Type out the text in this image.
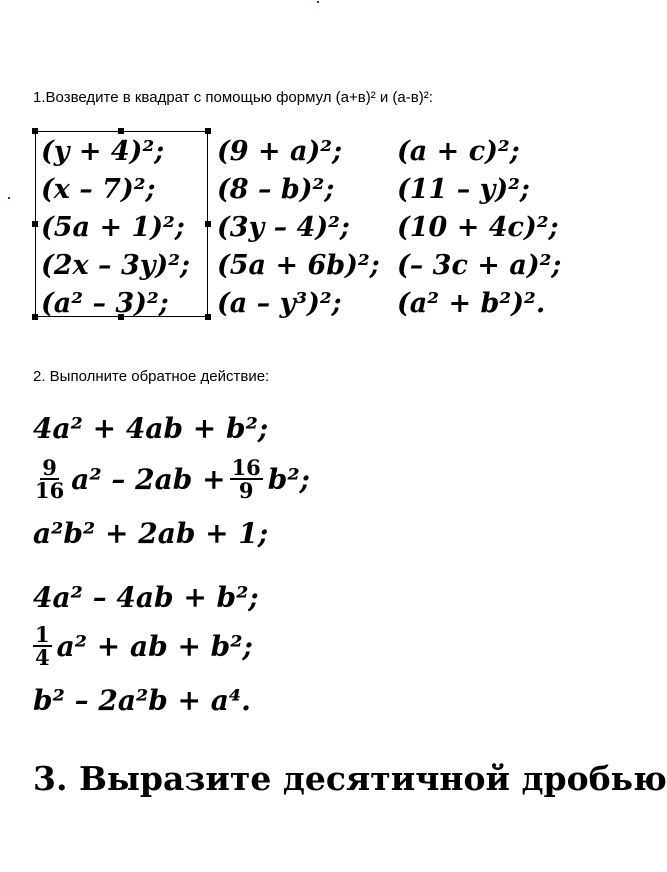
1.Возведите в квадрат с помощью формул (а+в)² и (а-в)²:
(y + 4)²;
(x – 7)²;
(5a + 1)²;
(2x – 3y)²;
(a² – 3)²;
(9 + a)²;
(8 – b)²;
(3y – 4)²;
(5a + 6b)²;
(a – y³)²;
(a + c)²;
(11 – y)²;
(10 + 4c)²;
(– 3c + a)²;
(a² + b²)².
2. Выполните обратное действие:
4a² + 4ab + b²;
$\frac{9}{16} a^2 - 2ab + \frac{16}{9} b^2$;
a²b² + 2ab + 1;
4a² – 4ab + b²;
$\frac{1}{4} a^2$ + ab + b²;
b² – 2a²b + a⁴.
3. Выразите десятичной дробью
